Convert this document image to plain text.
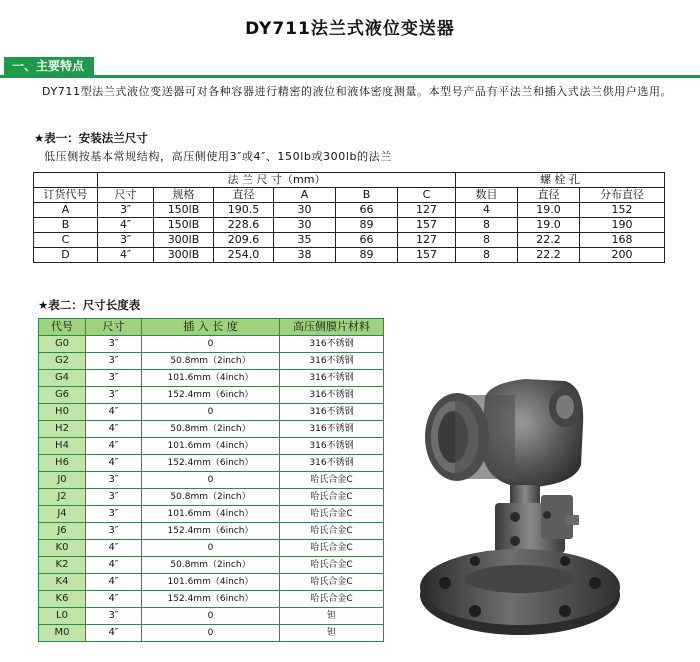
DY711法兰式液位变送器
一、主要特点
DY711型法兰式液位变送器可对各种容器进行精密的液位和液体密度测量。本型号产品有平法兰和插入式法兰供用户选用。
★表一：安装法兰尺寸
低压侧按基本常规结构，高压侧使用3″或4″、150lb或300lb的法兰
	法 兰 尺 寸（mm）						螺 栓 孔		
订货代号	尺寸	规格	直径	A	B	C	数目	直径	分布直径
A	3″	150lB	190.5	30	66	127	4	19.0	152
B	4″	150lB	228.6	30	89	157	8	19.0	190
C	3″	300lB	209.6	35	66	127	8	22.2	168
D	4″	300lB	254.0	38	89	157	8	22.2	200
★表二：尺寸长度表
代号	尺寸	插 入 长 度	高压侧膜片材料
G0	3″	0	316不锈钢
G2	3″	50.8mm（2inch）	316不锈钢
G4	3″	101.6mm（4inch）	316不锈钢
G6	3″	152.4mm（6inch）	316不锈钢
H0	4″	0	316不锈钢
H2	4″	50.8mm（2inch）	316不锈钢
H4	4″	101.6mm（4inch）	316不锈钢
H6	4″	152.4mm（6inch）	316不锈钢
J0	3″	0	哈氏合金C
J2	3″	50.8mm（2inch）	哈氏合金C
J4	3″	101.6mm（4inch）	哈氏合金C
J6	3″	152.4mm（6inch）	哈氏合金C
K0	4″	0	哈氏合金C
K2	4″	50.8mm（2inch）	哈氏合金C
K4	4″	101.6mm（4inch）	哈氏合金C
K6	4″	152.4mm（6inch）	哈氏合金C
L0	3″	0	钽
M0	4″	0	钽
